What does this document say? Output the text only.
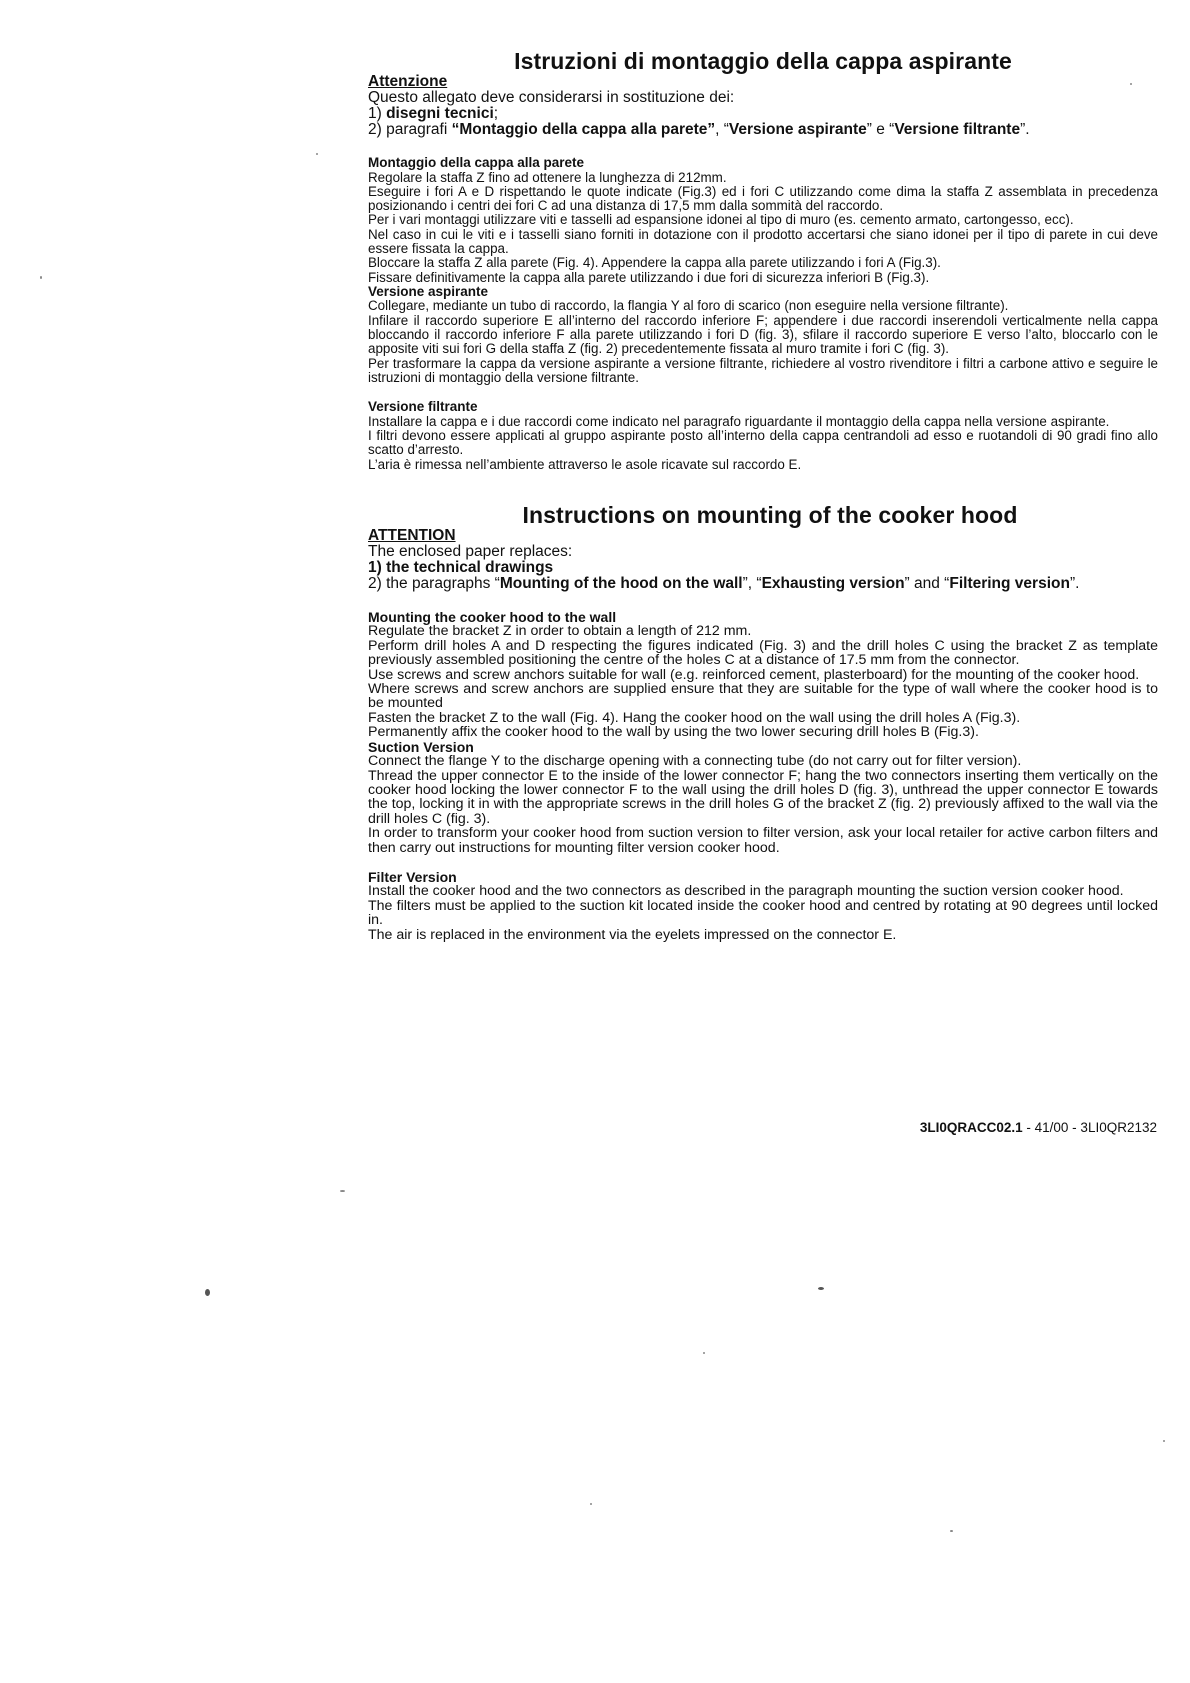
Istruzioni di montaggio della cappa aspirante
Attenzione
Questo allegato deve considerarsi in sostituzione dei:
1) disegni tecnici;
2) paragrafi “Montaggio della cappa alla parete”, “Versione aspirante” e “Versione filtrante”.
Montaggio della cappa alla parete
Regolare la staffa Z fino ad ottenere la lunghezza di 212mm.
Eseguire i fori A e D rispettando le quote indicate (Fig.3) ed i fori C utilizzando come dima la staffa Z assemblata in precedenza posizionando i centri dei fori C ad una distanza di 17,5 mm dalla sommità del raccordo.
Per i vari montaggi utilizzare viti e tasselli ad espansione idonei al tipo di muro (es. cemento armato, cartongesso, ecc).
Nel caso in cui le viti e i tasselli siano forniti in dotazione con il prodotto accertarsi che siano idonei per il tipo di parete in cui deve essere fissata la cappa.
Bloccare la staffa Z alla parete (Fig. 4). Appendere la cappa alla parete utilizzando i fori A (Fig.3).
Fissare definitivamente la cappa alla parete utilizzando i due fori di sicurezza inferiori B (Fig.3).
Versione aspirante
Collegare, mediante un tubo di raccordo, la flangia Y al foro di scarico (non eseguire nella versione filtrante).
Infilare il raccordo superiore E all’interno del raccordo inferiore F; appendere i due raccordi inserendoli verticalmente nella cappa bloccando il raccordo inferiore F alla parete utilizzando i fori D (fig. 3), sfilare il raccordo superiore E verso l’alto, bloccarlo con le apposite viti sui fori G della staffa Z (fig. 2) precedentemente fissata al muro tramite i fori C (fig. 3).
Per trasformare la cappa da versione aspirante a versione filtrante, richiedere al vostro rivenditore i filtri a carbone attivo e seguire le istruzioni di montaggio della versione filtrante.
Versione filtrante
Installare la cappa e i due raccordi come indicato nel paragrafo riguardante il montaggio della cappa nella versione aspirante.
I filtri devono essere applicati al gruppo aspirante posto all’interno della cappa centrandoli ad esso e ruotandoli di 90 gradi fino allo scatto d’arresto.
L’aria è rimessa nell’ambiente attraverso le asole ricavate sul raccordo E.
Instructions on mounting of the cooker hood
ATTENTION
The enclosed paper replaces:
1) the technical drawings
2) the paragraphs “Mounting of the hood on the wall”, “Exhausting version” and “Filtering version”.
Mounting the cooker hood to the wall
Regulate the bracket Z in order to obtain a length of 212 mm.
Perform drill holes A and D respecting the figures indicated (Fig. 3) and the drill holes C using the bracket Z as template previously assembled positioning the centre of the holes C at a distance of 17.5 mm from the connector.
Use screws and screw anchors suitable for wall (e.g. reinforced cement, plasterboard) for the mounting of the cooker hood.
Where screws and screw anchors are supplied ensure that they are suitable for the type of wall where the cooker hood is to be mounted
Fasten the bracket Z to the wall (Fig. 4). Hang the cooker hood on the wall using the drill holes A (Fig.3).
Permanently affix the cooker hood to the wall by using the two lower securing drill holes B (Fig.3).
Suction Version
Connect the flange Y to the discharge opening with a connecting tube (do not carry out for filter version).
Thread the upper connector E to the inside of the lower connector F; hang the two connectors inserting them vertically on the cooker hood locking the lower connector F to the wall using the drill holes D (fig. 3), unthread the upper connector E towards the top, locking it in with the appropriate screws in the drill holes G of the bracket Z (fig. 2) previously affixed to the wall via the drill holes C (fig. 3).
In order to transform your cooker hood from suction version to filter version, ask your local retailer for active carbon filters and then carry out instructions for mounting filter version cooker hood.
Filter Version
Install the cooker hood and the two connectors as described in the paragraph mounting the suction version cooker hood.
The filters must be applied to the suction kit located inside the cooker hood and centred by rotating at 90 degrees until locked in.
The air is replaced in the environment via the eyelets impressed on the connector E.
3LI0QRACC02.1 - 41/00 - 3LI0QR2132
